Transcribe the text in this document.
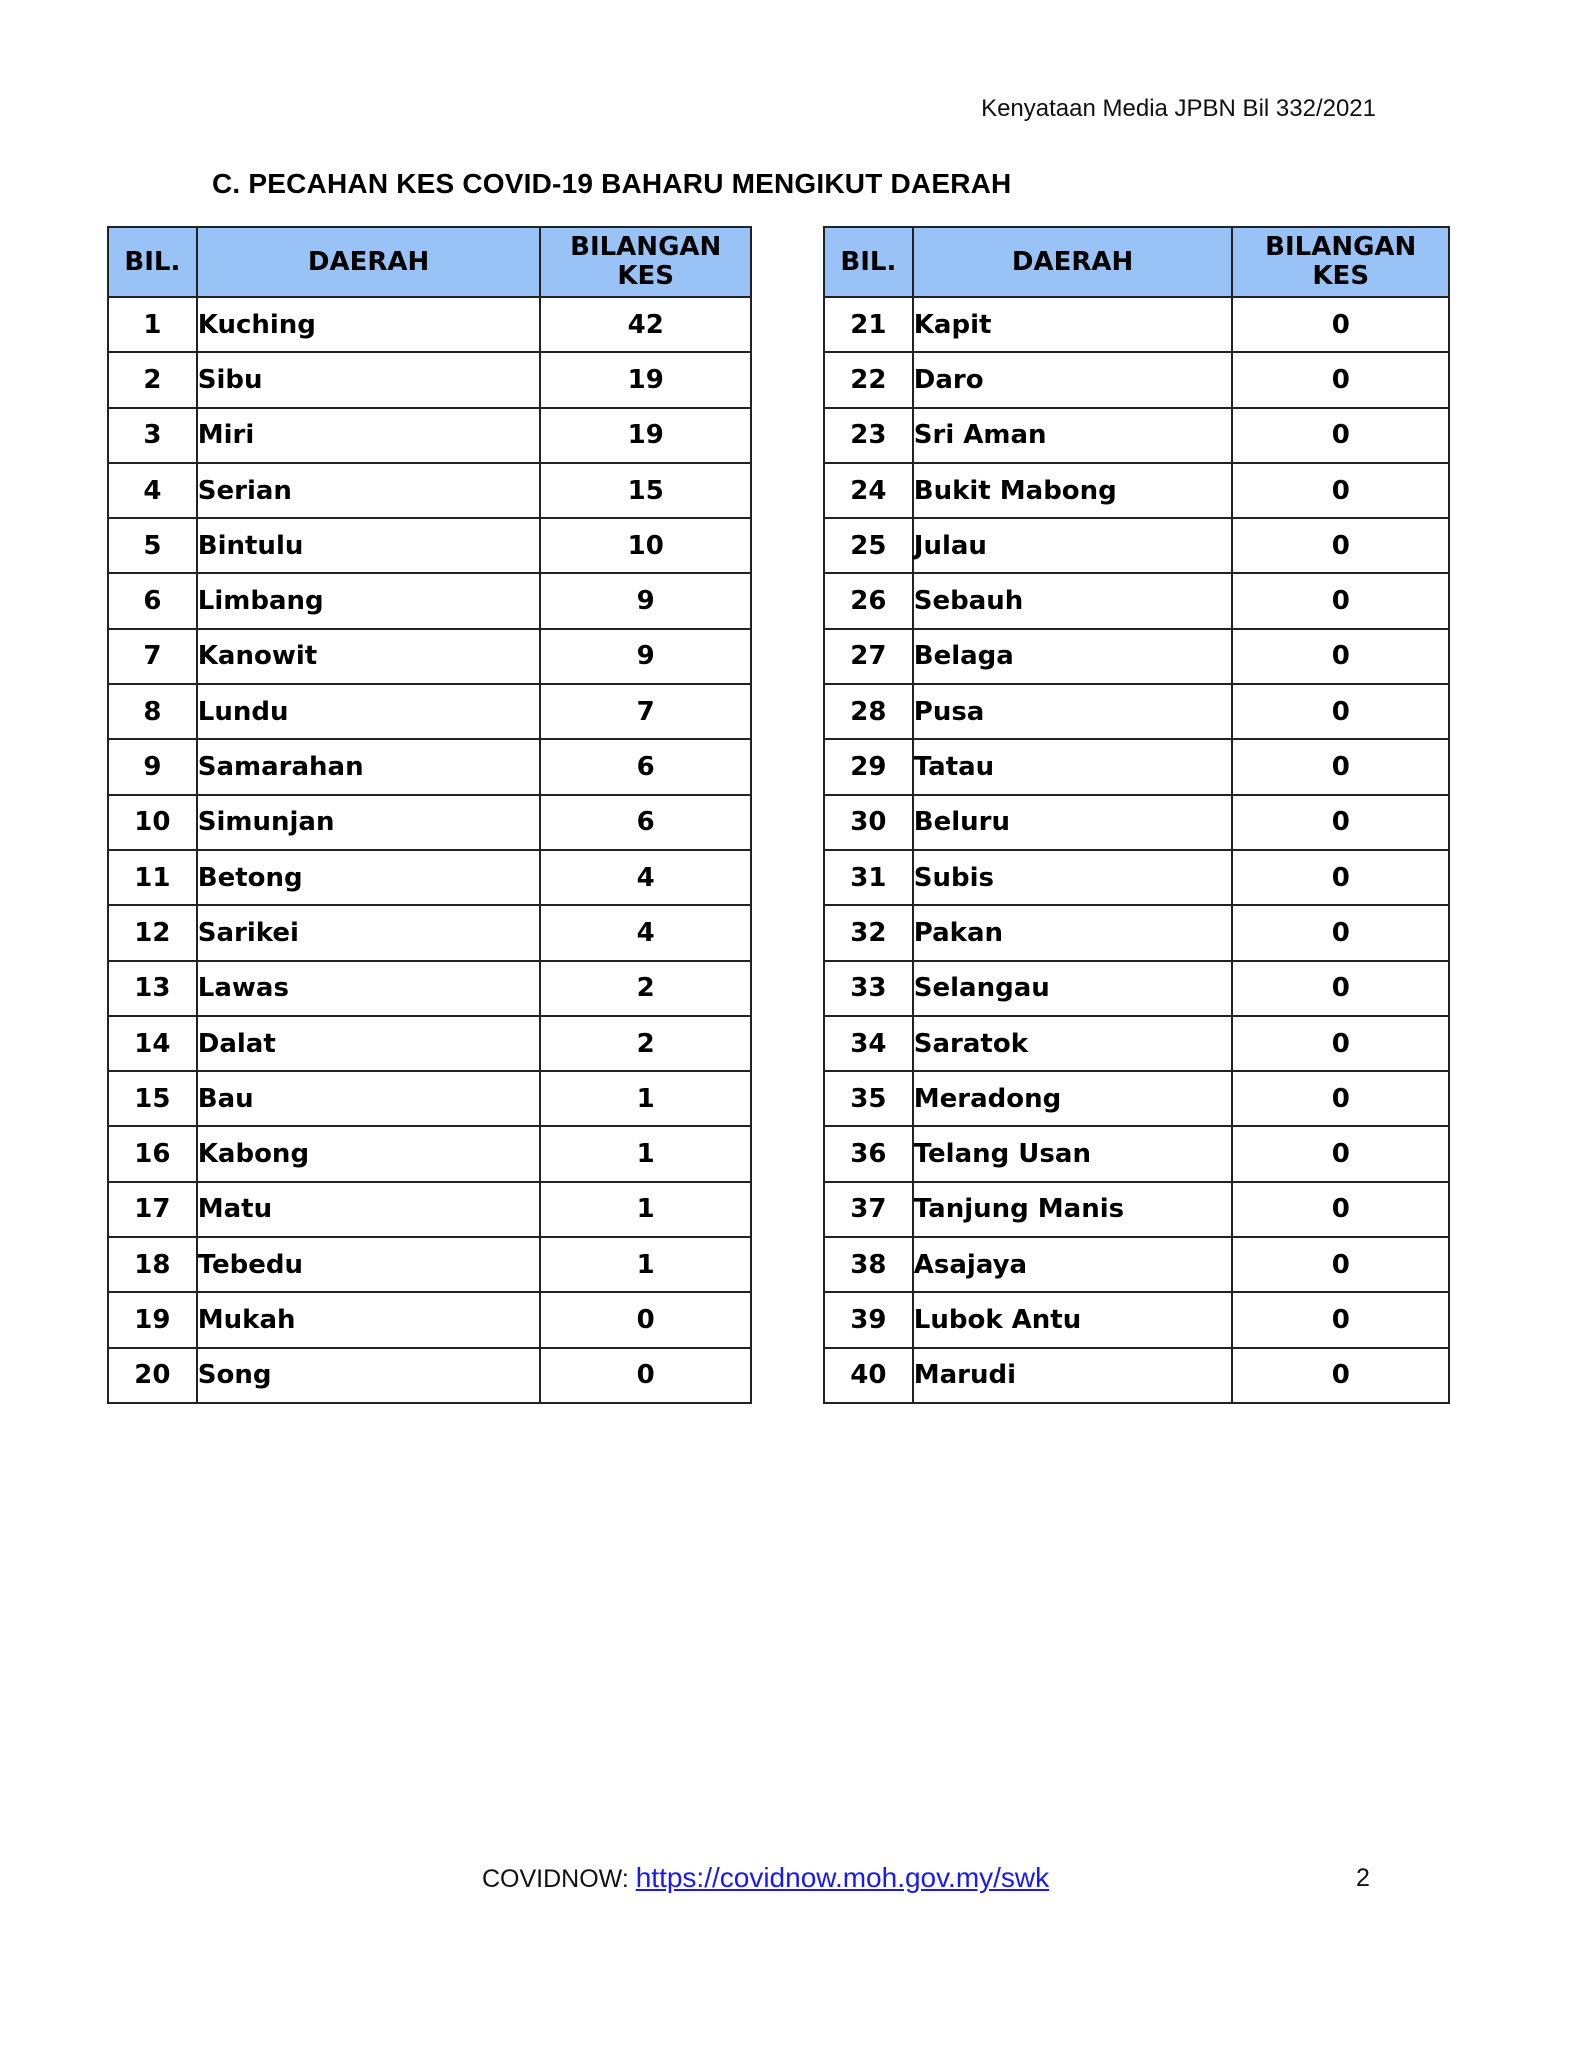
Kenyataan Media JPBN Bil 332/2021
C. PECAHAN KES COVID-19 BAHARU MENGIKUT DAERAH
BIL.	DAERAH	BILANGAN
KES
1	Kuching	42
2	Sibu	19
3	Miri	19
4	Serian	15
5	Bintulu	10
6	Limbang	9
7	Kanowit	9
8	Lundu	7
9	Samarahan	6
10	Simunjan	6
11	Betong	4
12	Sarikei	4
13	Lawas	2
14	Dalat	2
15	Bau	1
16	Kabong	1
17	Matu	1
18	Tebedu	1
19	Mukah	0
20	Song	0
BIL.	DAERAH	BILANGAN
KES
21	Kapit	0
22	Daro	0
23	Sri Aman	0
24	Bukit Mabong	0
25	Julau	0
26	Sebauh	0
27	Belaga	0
28	Pusa	0
29	Tatau	0
30	Beluru	0
31	Subis	0
32	Pakan	0
33	Selangau	0
34	Saratok	0
35	Meradong	0
36	Telang Usan	0
37	Tanjung Manis	0
38	Asajaya	0
39	Lubok Antu	0
40	Marudi	0
COVIDNOW: https://covidnow.moh.gov.my/swk	2
